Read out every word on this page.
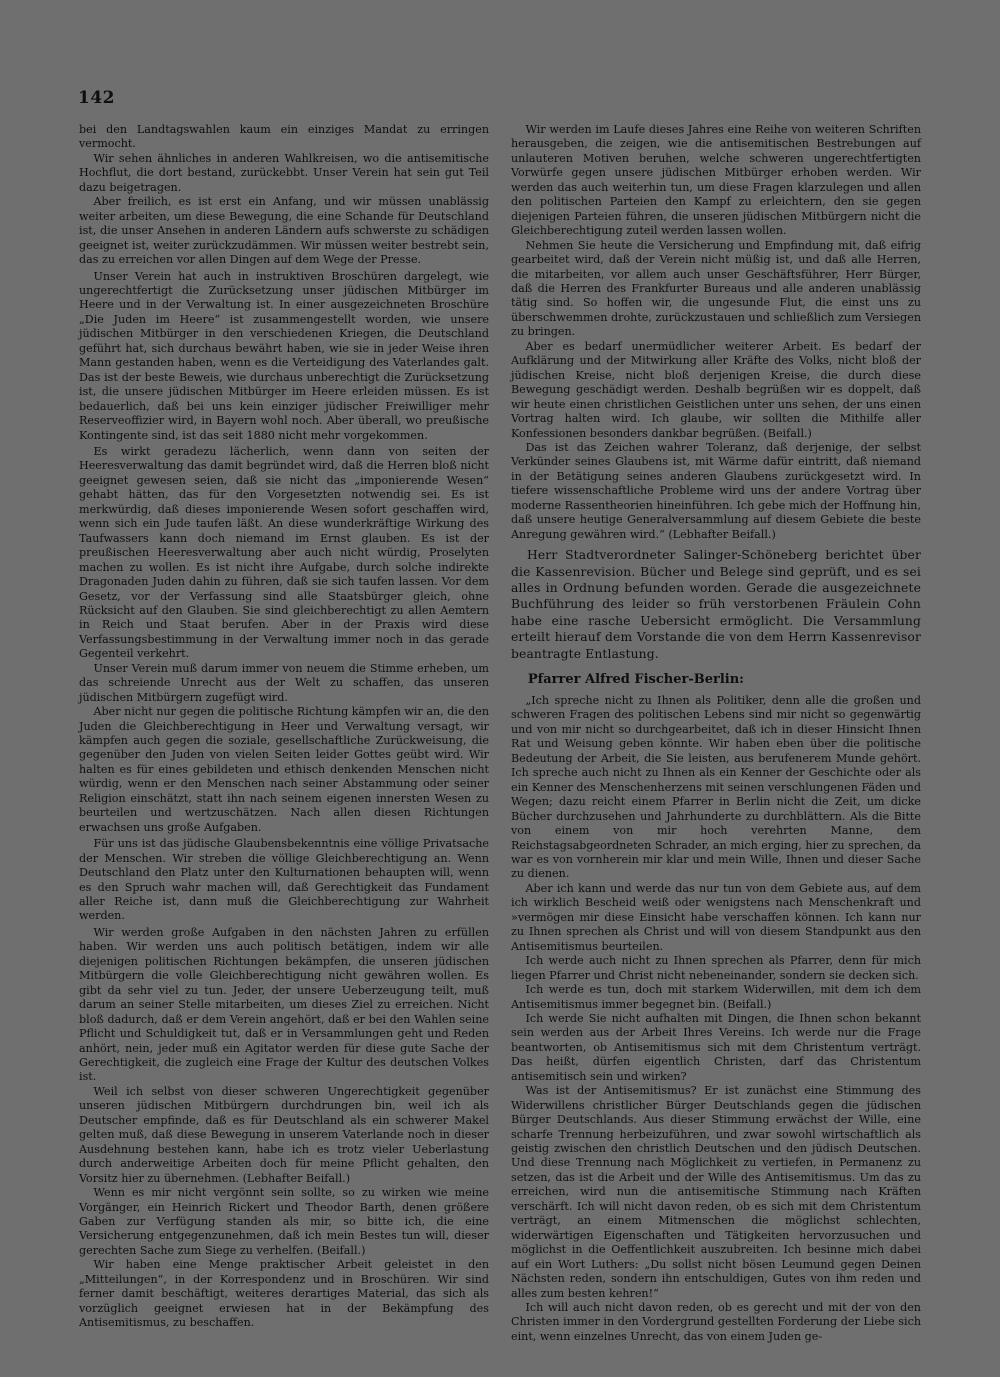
142

bei den Landtagswahlen kaum ein einziges Mandat zu erringen vermocht.

Wir sehen ähnliches in anderen Wahlkreisen, wo die antisemitische Hochflut, die dort bestand, zurückebbt. Unser Verein hat sein gut Teil dazu beigetragen.

Aber freilich, es ist erst ein Anfang, und wir müssen unablässig weiter arbeiten, um diese Bewegung, die eine Schande für Deutschland ist, die unser Ansehen in anderen Ländern aufs schwerste zu schädigen geeignet ist, weiter zurückzudämmen. Wir müssen weiter bestrebt sein, das zu erreichen vor allen Dingen auf dem Wege der Presse.

Unser Verein hat auch in instruktiven Broschüren dargelegt, wie ungerechtfertigt die Zurücksetzung unser jüdischen Mitbürger im Heere und in der Verwaltung ist. In einer ausgezeichneten Broschüre „Die Juden im Heere“ ist zusammengestellt worden, wie unsere jüdischen Mitbürger in den verschiedenen Kriegen, die Deutschland geführt hat, sich durchaus bewährt haben, wie sie in jeder Weise ihren Mann gestanden haben, wenn es die Verteidigung des Vaterlandes galt. Das ist der beste Beweis, wie durchaus unberechtigt die Zurücksetzung ist, die unsere jüdischen Mitbürger im Heere erleiden müssen. Es ist bedauerlich, daß bei uns kein einziger jüdischer Freiwilliger mehr Reserveoffizier wird, in Bayern wohl noch. Aber überall, wo preußische Kontingente sind, ist das seit 1880 nicht mehr vorgekommen.

Es wirkt geradezu lächerlich, wenn dann von seiten der Heeresverwaltung das damit begründet wird, daß die Herren bloß nicht geeignet gewesen seien, daß sie nicht das „imponierende Wesen“ gehabt hätten, das für den Vorgesetzten notwendig sei. Es ist merkwürdig, daß dieses imponierende Wesen sofort geschaffen wird, wenn sich ein Jude taufen läßt. An diese wunderkräftige Wirkung des Taufwassers kann doch niemand im Ernst glauben. Es ist der preußischen Heeresverwaltung aber auch nicht würdig, Proselyten machen zu wollen. Es ist nicht ihre Aufgabe, durch solche indirekte Dragonaden Juden dahin zu führen, daß sie sich taufen lassen. Vor dem Gesetz, vor der Verfassung sind alle Staatsbürger gleich, ohne Rücksicht auf den Glauben. Sie sind gleichberechtigt zu allen Aemtern in Reich und Staat berufen. Aber in der Praxis wird diese Verfassungsbestimmung in der Verwaltung immer noch in das gerade Gegenteil verkehrt.

Unser Verein muß darum immer von neuem die Stimme erheben, um das schreiende Unrecht aus der Welt zu schaffen, das unseren jüdischen Mitbürgern zugefügt wird.

Aber nicht nur gegen die politische Richtung kämpfen wir an, die den Juden die Gleichberechtigung in Heer und Verwaltung versagt, wir kämpfen auch gegen die soziale, gesellschaftliche Zurückweisung, die gegenüber den Juden von vielen Seiten leider Gottes geübt wird. Wir halten es für eines gebildeten und ethisch denkenden Menschen nicht würdig, wenn er den Menschen nach seiner Abstammung oder seiner Religion einschätzt, statt ihn nach seinem eigenen innersten Wesen zu beurteilen und wertzuschätzen. Nach allen diesen Richtungen erwachsen uns große Aufgaben.

Für uns ist das jüdische Glaubensbekenntnis eine völlige Privatsache der Menschen. Wir streben die völlige Gleichberechtigung an. Wenn Deutschland den Platz unter den Kulturnationen behaupten will, wenn es den Spruch wahr machen will, daß Gerechtigkeit das Fundament aller Reiche ist, dann muß die Gleichberechtigung zur Wahrheit werden.

Wir werden große Aufgaben in den nächsten Jahren zu erfüllen haben. Wir werden uns auch politisch betätigen, indem wir alle diejenigen politischen Richtungen bekämpfen, die unseren jüdischen Mitbürgern die volle Gleichberechtigung nicht gewähren wollen. Es gibt da sehr viel zu tun. Jeder, der unsere Ueberzeugung teilt, muß darum an seiner Stelle mitarbeiten, um dieses Ziel zu erreichen. Nicht bloß dadurch, daß er dem Verein angehört, daß er bei den Wahlen seine Pflicht und Schuldigkeit tut, daß er in Versammlungen geht und Reden anhört, nein, jeder muß ein Agitator werden für diese gute Sache der Gerechtigkeit, die zugleich eine Frage der Kultur des deutschen Volkes ist.

Weil ich selbst von dieser schweren Ungerechtigkeit gegenüber unseren jüdischen Mitbürgern durchdrungen bin, weil ich als Deutscher empfinde, daß es für Deutschland als ein schwerer Makel gelten muß, daß diese Bewegung in unserem Vaterlande noch in dieser Ausdehnung bestehen kann, habe ich es trotz vieler Ueberlastung durch anderweitige Arbeiten doch für meine Pflicht gehalten, den Vorsitz hier zu übernehmen. (Lebhafter Beifall.)

Wenn es mir nicht vergönnt sein sollte, so zu wirken wie meine Vorgänger, ein Heinrich Rickert und Theodor Barth, denen größere Gaben zur Verfügung standen als mir, so bitte ich, die eine Versicherung entgegenzunehmen, daß ich mein Bestes tun will, dieser gerechten Sache zum Siege zu verhelfen. (Beifall.)

Wir haben eine Menge praktischer Arbeit geleistet in den „Mitteilungen“, in der Korrespondenz und in Broschüren. Wir sind ferner damit beschäftigt, weiteres derartiges Material, das sich als vorzüglich geeignet erwiesen hat in der Bekämpfung des Antisemitismus, zu beschaffen.

Wir werden im Laufe dieses Jahres eine Reihe von weiteren Schriften herausgeben, die zeigen, wie die antisemitischen Bestrebungen auf unlauteren Motiven beruhen, welche schweren ungerechtfertigten Vorwürfe gegen unsere jüdischen Mitbürger erhoben werden. Wir werden das auch weiterhin tun, um diese Fragen klarzulegen und allen den politischen Parteien den Kampf zu erleichtern, den sie gegen diejenigen Parteien führen, die unseren jüdischen Mitbürgern nicht die Gleichberechtigung zuteil werden lassen wollen.

Nehmen Sie heute die Versicherung und Empfindung mit, daß eifrig gearbeitet wird, daß der Verein nicht müßig ist, und daß alle Herren, die mitarbeiten, vor allem auch unser Geschäftsführer, Herr Bürger, daß die Herren des Frankfurter Bureaus und alle anderen unablässig tätig sind. So hoffen wir, die ungesunde Flut, die einst uns zu überschwemmen drohte, zurückzustauen und schließlich zum Versiegen zu bringen.

Aber es bedarf unermüdlicher weiterer Arbeit. Es bedarf der Aufklärung und der Mitwirkung aller Kräfte des Volks, nicht bloß der jüdischen Kreise, nicht bloß derjenigen Kreise, die durch diese Bewegung geschädigt werden. Deshalb begrüßen wir es doppelt, daß wir heute einen christlichen Geistlichen unter uns sehen, der uns einen Vortrag halten wird. Ich glaube, wir sollten die Mithilfe aller Konfessionen besonders dankbar begrüßen. (Beifall.)

Das ist das Zeichen wahrer Toleranz, daß derjenige, der selbst Verkünder seines Glaubens ist, mit Wärme dafür eintritt, daß niemand in der Betätigung seines anderen Glaubens zurückgesetzt wird. In tiefere wissenschaftliche Probleme wird uns der andere Vortrag über moderne Rassentheorien hineinführen. Ich gebe mich der Hoffnung hin, daß unsere heutige Generalversammlung auf diesem Gebiete die beste Anregung gewähren wird.“ (Lebhafter Beifall.)

Herr Stadtverordneter Salinger-Schöneberg berichtet über die Kassenrevision. Bücher und Belege sind geprüft, und es sei alles in Ordnung befunden worden. Gerade die ausgezeichnete Buchführung des leider so früh verstorbenen Fräulein Cohn habe eine rasche Uebersicht ermöglicht. Die Versammlung erteilt hierauf dem Vorstande die von dem Herrn Kassenrevisor beantragte Entlastung.

Pfarrer Alfred Fischer-Berlin:

„Ich spreche nicht zu Ihnen als Politiker, denn alle die großen und schweren Fragen des politischen Lebens sind mir nicht so gegenwärtig und von mir nicht so durchgearbeitet, daß ich in dieser Hinsicht Ihnen Rat und Weisung geben könnte. Wir haben eben über die politische Bedeutung der Arbeit, die Sie leisten, aus berufenerem Munde gehört. Ich spreche auch nicht zu Ihnen als ein Kenner der Geschichte oder als ein Kenner des Menschenherzens mit seinen verschlungenen Fäden und Wegen; dazu reicht einem Pfarrer in Berlin nicht die Zeit, um dicke Bücher durchzusehen und Jahrhunderte zu durchblättern. Als die Bitte von einem von mir hoch verehrten Manne, dem Reichstagsabgeordneten Schrader, an mich erging, hier zu sprechen, da war es von vornherein mir klar und mein Wille, Ihnen und dieser Sache zu dienen.

Aber ich kann und werde das nur tun von dem Gebiete aus, auf dem ich wirklich Bescheid weiß oder wenigstens nach Menschenkraft und »vermögen mir diese Einsicht habe verschaffen können. Ich kann nur zu Ihnen sprechen als Christ und will von diesem Standpunkt aus den Antisemitismus beurteilen.

Ich werde auch nicht zu Ihnen sprechen als Pfarrer, denn für mich liegen Pfarrer und Christ nicht nebeneinander, sondern sie decken sich.

Ich werde es tun, doch mit starkem Widerwillen, mit dem ich dem Antisemitismus immer begegnet bin. (Beifall.)

Ich werde Sie nicht aufhalten mit Dingen, die Ihnen schon bekannt sein werden aus der Arbeit Ihres Vereins. Ich werde nur die Frage beantworten, ob Antisemitismus sich mit dem Christentum verträgt. Das heißt, dürfen eigentlich Christen, darf das Christentum antisemitisch sein und wirken?

Was ist der Antisemitismus? Er ist zunächst eine Stimmung des Widerwillens christlicher Bürger Deutschlands gegen die jüdischen Bürger Deutschlands. Aus dieser Stimmung erwächst der Wille, eine scharfe Trennung herbeizuführen, und zwar sowohl wirtschaftlich als geistig zwischen den christlich Deutschen und den jüdisch Deutschen. Und diese Trennung nach Möglichkeit zu vertiefen, in Permanenz zu setzen, das ist die Arbeit und der Wille des Antisemitismus. Um das zu erreichen, wird nun die antisemitische Stimmung nach Kräften verschärft. Ich will nicht davon reden, ob es sich mit dem Christentum verträgt, an einem Mitmenschen die möglichst schlechten, widerwärtigen Eigenschaften und Tätigkeiten hervorzusuchen und möglichst in die Oeffentlichkeit auszubreiten. Ich besinne mich dabei auf ein Wort Luthers: „Du sollst nicht bösen Leumund gegen Deinen Nächsten reden, sondern ihn entschuldigen, Gutes von ihm reden und alles zum besten kehren!“

Ich will auch nicht davon reden, ob es gerecht und mit der von den Christen immer in den Vordergrund gestellten Forderung der Liebe sich eint, wenn einzelnes Unrecht, das von einem Juden ge-
